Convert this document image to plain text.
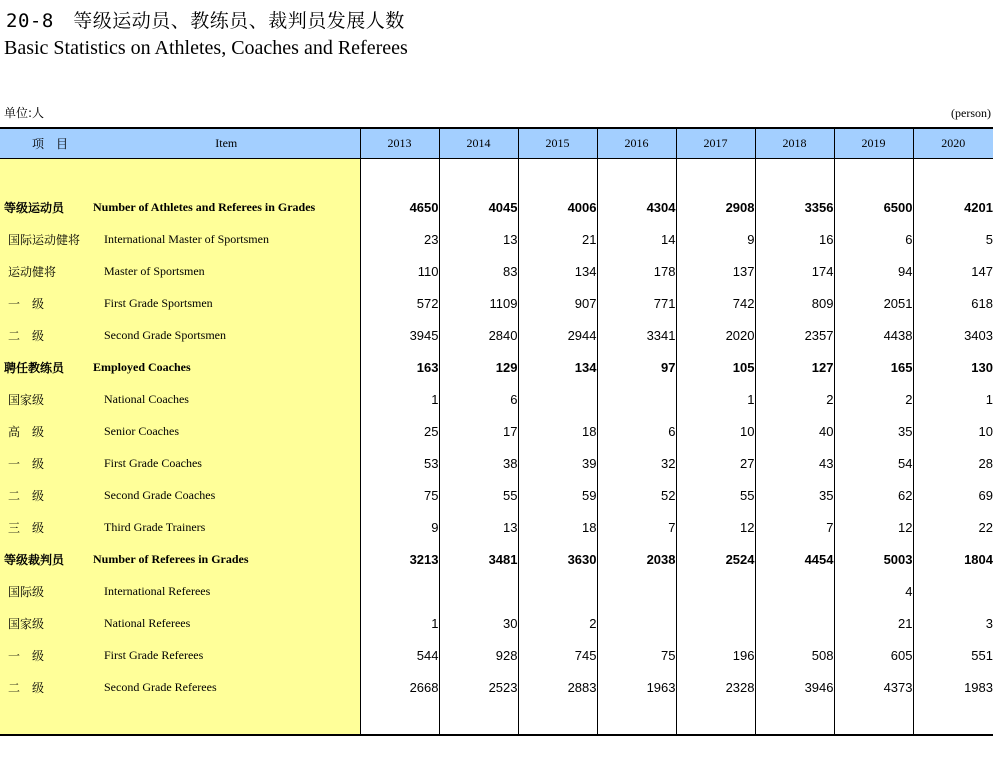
20-8　等级运动员、教练员、裁判员发展人数
Basic Statistics on Athletes, Coaches and Referees
单位:人	(person)
项　目	Item	2013	2014	2015	2016	2017	2018	2019	2020

等级运动员	Number of Athletes and Referees in Grades	4650	4045	4006	4304	2908	3356	6500	4201
国际运动健将	International Master of Sportsmen	23	13	21	14	9	16	6	5
运动健将	Master of Sportsmen	110	83	134	178	137	174	94	147
一　级	First Grade Sportsmen	572	1109	907	771	742	809	2051	618
二　级	Second Grade Sportsmen	3945	2840	2944	3341	2020	2357	4438	3403
聘任教练员	Employed Coaches	163	129	134	97	105	127	165	130
国家级	National Coaches	1	6			1	2	2	1
高　级	Senior Coaches	25	17	18	6	10	40	35	10
一　级	First Grade Coaches	53	38	39	32	27	43	54	28
二　级	Second Grade Coaches	75	55	59	52	55	35	62	69
三　级	Third Grade Trainers	9	13	18	7	12	7	12	22
等级裁判员	Number of Referees in Grades	3213	3481	3630	2038	2524	4454	5003	1804
国际级	International Referees							4	
国家级	National Referees	1	30	2				21	3
一　级	First Grade Referees	544	928	745	75	196	508	605	551
二　级	Second Grade Referees	2668	2523	2883	1963	2328	3946	4373	1983
